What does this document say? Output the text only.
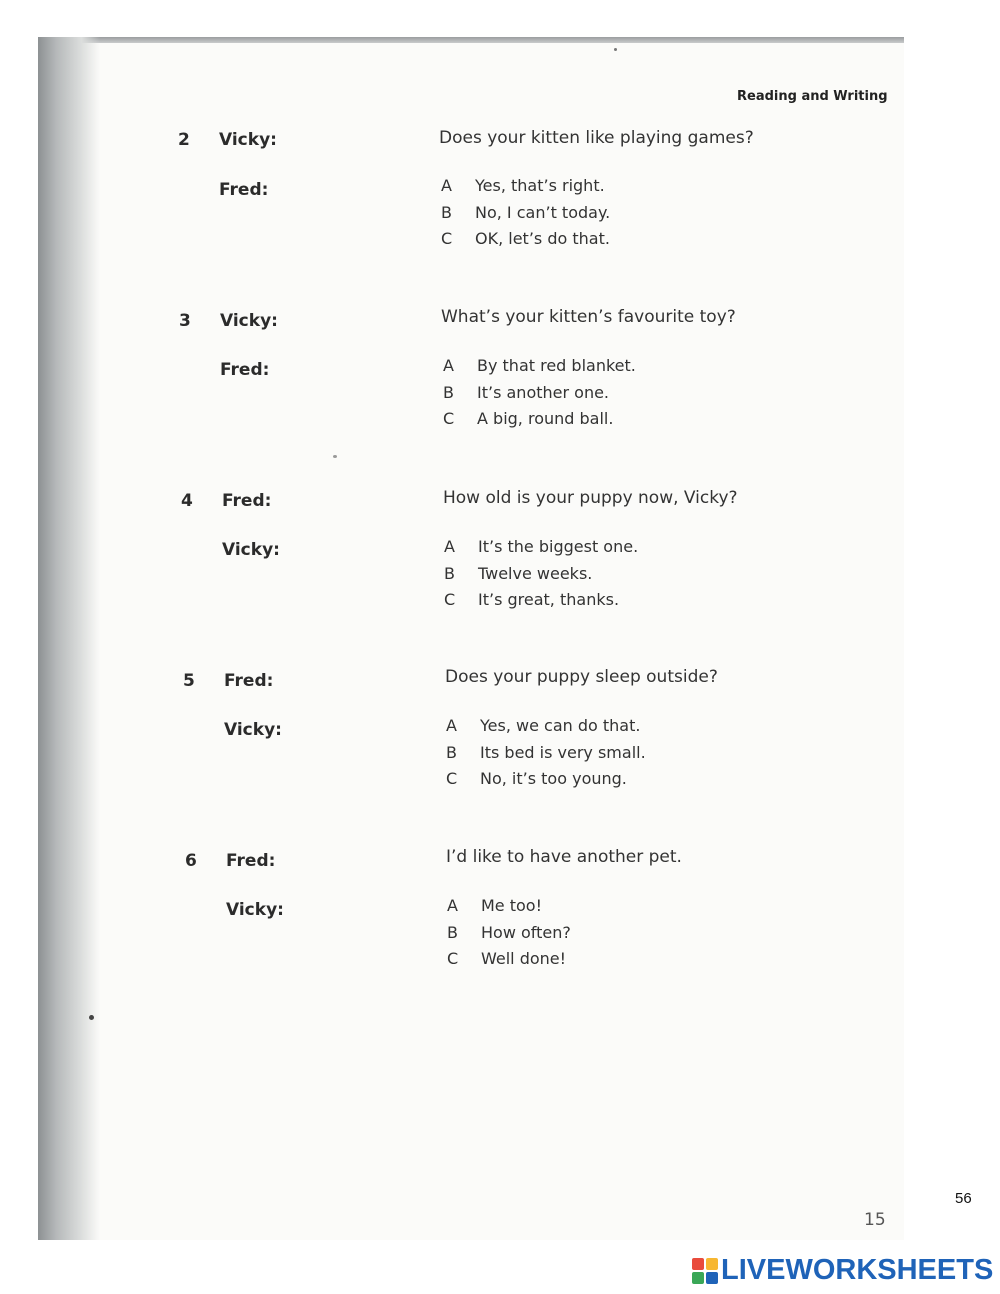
Reading and Writing
2 Vicky:	Does your kitten like playing games?
Fred:	A	Yes, that’s right.
B	No, I can’t today.
C	OK, let’s do that.
3 Vicky:	What’s your kitten’s favourite toy?
Fred:	A	By that red blanket.
B	It’s another one.
C	A big, round ball.
4 Fred:	How old is your puppy now, Vicky?
Vicky:	A	It’s the biggest one.
B	Twelve weeks.
C	It’s great, thanks.
5 Fred:	Does your puppy sleep outside?
Vicky:	A	Yes, we can do that.
B	Its bed is very small.
C	No, it’s too young.
6 Fred:	I’d like to have another pet.
Vicky:	A	Me too!
B	How often?
C	Well done!
15
56
LIVEWORKSHEETS
